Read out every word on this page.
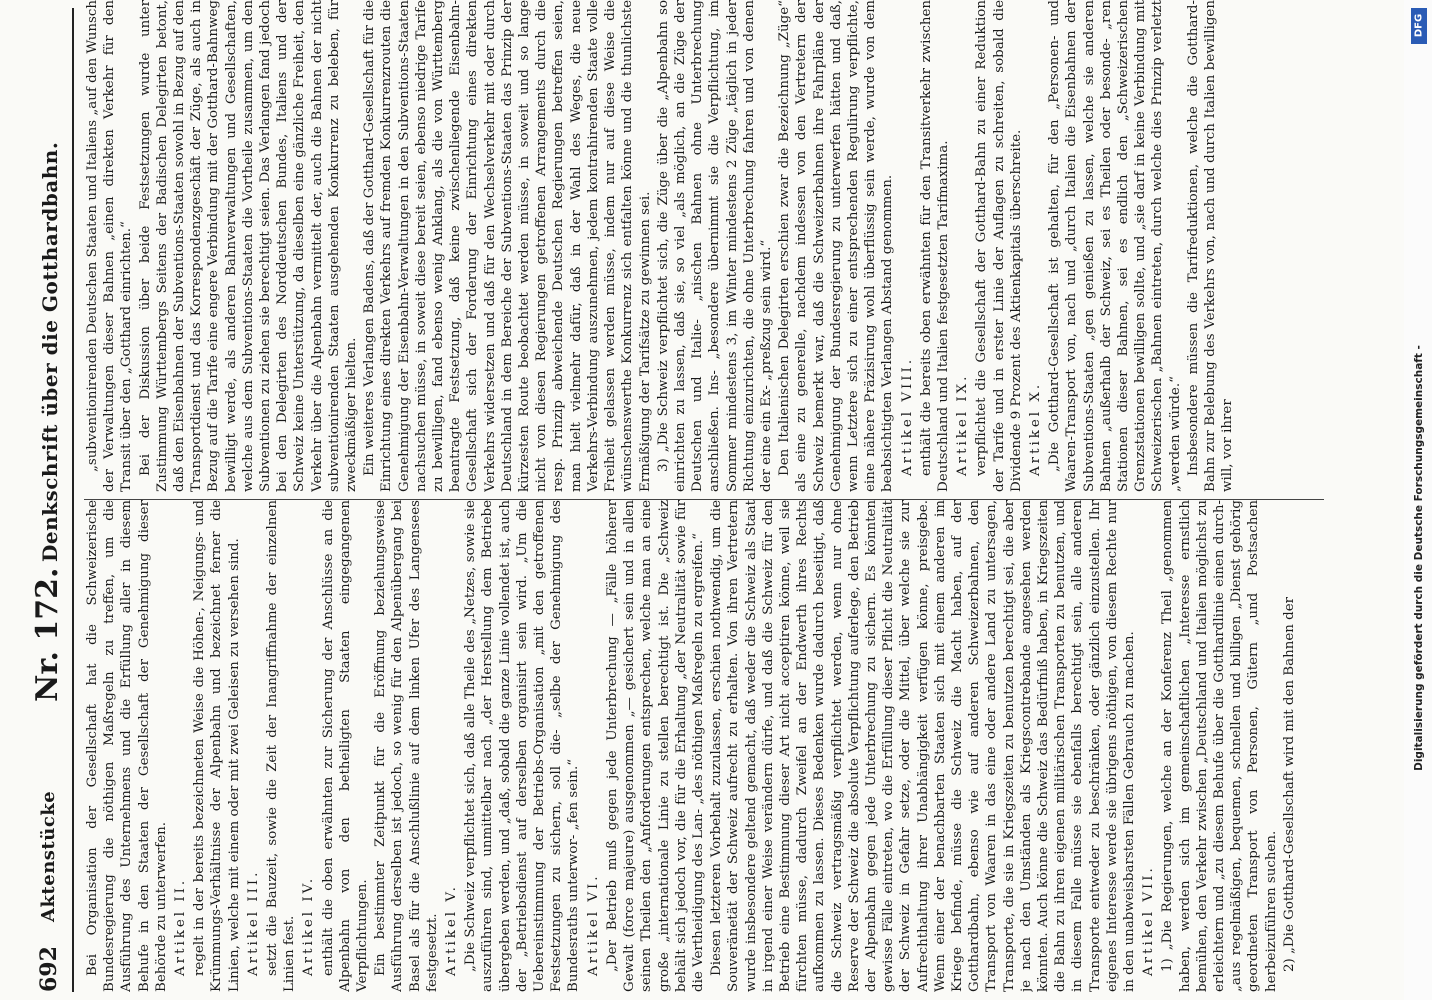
692
Aktenstücke
Nr. 172.
Denkschrift über die Gotthardbahn.

Bei Organisation der Gesellschaft hat die Schweizerische Bundesregierung die nöthigen Maßregeln zu treffen, um die Ausführung des Unternehmens und die Erfüllung aller in diesem Behufe in den Staaten der Gesellschaft der Genehmigung dieser Behörde zu unterwerfen. Artikel II. regelt in der bereits bezeichneten Weise die Höhen-, Neigungs- und Krümmungs-Verhältnisse der Alpenbahn und bezeichnet ferner die Linien, welche mit einem oder mit zwei Geleisen zu versehen sind. Artikel III. setzt die Bauzeit, sowie die Zeit der Inangriffnahme der einzelnen Linien fest. Artikel IV. enthält die oben erwähnten zur Sicherung der Anschlüsse an die Alpenbahn von den betheiligten Staaten eingegangenen Verpflichtungen. Ein bestimmter Zeitpunkt für die Eröffnung beziehungsweise Ausführung derselben ist jedoch, so wenig für den Alpenübergang bei Basel als für die Anschlußlinie auf dem linken Ufer des Langensees festgesetzt. Artikel V. „Die Schweiz verpflichtet sich, daß alle Theile des „Netzes, sowie sie auszuführen sind, unmittelbar nach „der Herstellung dem Betriebe übergeben werden, und „daß, sobald die ganze Linie vollendet ist, auch der „Betriebsdienst auf derselben organisirt sein wird. „Um die Uebereinstimmung der Betriebs-Organisation „mit den getroffenen Festsetzungen zu sichern, soll die- „selbe der Genehmigung des Bundesraths unterwor- „fen sein.“ Artikel VI. „Der Betrieb muß gegen jede Unterbrechung — „Fälle höherer Gewalt (force majeure) ausgenommen „— gesichert sein und in allen seinen Theilen den „Anforderungen entsprechen, welche man an eine große „internationale Linie zu stellen berechtigt ist. Die „Schweiz behält sich jedoch vor, die für die Erhaltung „der Neutralität sowie für die Vertheidigung des Lan- „des nöthigen Maßregeln zu ergreifen.“ Diesen letzteren Vorbehalt zuzulassen, erschien nothwendig, um die Souveränetät der Schweiz aufrecht zu erhalten. Von ihren Vertretern wurde insbesondere geltend gemacht, daß weder die Schweiz als Staat in irgend einer Weise verändern dürfe, und daß die Schweiz für den Betrieb eine Bestimmung dieser Art nicht acceptiren könne, weil sie fürchten müsse, dadurch Zweifel an der Endwerth ihres Rechts aufkommen zu lassen. Dieses Bedenken wurde dadurch beseitigt, daß die Schweiz vertragsmäßig verpflichtet werden, wenn nur ohne Reserve der Schweiz die absolute Verpflichtung auferlege, den Betrieb der Alpenbahn gegen jede Unterbrechung zu sichern. Es könnten gewisse Fälle eintreten, wo die Erfüllung dieser Pflicht die Neutralität der Schweiz in Gefahr setze, oder die Mittel, über welche sie zur Aufrechthaltung ihrer Unabhängigkeit verfügen könne, preisgebe. Wenn einer der benachbarten Staaten sich mit einem anderen im Kriege befinde, müsse die Schweiz die Macht haben, auf der Gotthardbahn, ebenso wie auf anderen Schweizerbahnen, den Transport von Waaren in das eine oder andere Land zu untersagen, Transporte, die sie in Kriegszeiten zu benutzen berechtigt sei, die aber je nach den Umständen als Kriegscontrebande angesehen werden könnten. Auch könne die Schweiz das Bedürfniß haben, in Kriegszeiten die Bahn zu ihren eigenen militärischen Transporten zu benutzen, und in diesem Falle müsse sie ebenfalls berechtigt sein, alle anderen Transporte entweder zu beschränken, oder gänzlich einzustellen. Ihr eigenes Interesse werde sie übrigens nöthigen, von diesem Rechte nur in den unabweisbarsten Fällen Gebrauch zu machen. Artikel VII. 1) „Die Regierungen, welche an der Konferenz Theil „genommen haben, werden sich im gemeinschaftlichen „Interesse ernstlich bemühen, den Verkehr zwischen „Deutschland und Italien möglichst zu erleichtern und „zu diesem Behufe über die Gotthardlinie einen durch- „aus regelmäßigen, bequemen, schnellen und billigen „Dienst gehörig geordneten Transport von Personen, Gütern „und Postsachen herbeizuführen suchen. 2) „Die Gotthard-Gesellschaft wird mit den Bahnen der

„subventionirenden Deutschen Staaten und Italiens „auf den Wunsch der Verwaltungen dieser Bahnen „einen direkten Verkehr für den Transit über den „Gotthard einrichten.“ Bei der Diskussion über beide Festsetzungen wurde unter Zustimmung Württembergs Seitens der Badischen Delegirten betont, daß den Eisenbahnen der Subventions-Staaten sowohl in Bezug auf den Transportdienst und das Korrespondenzgeschäft der Züge, als auch in Bezug auf die Tarife eine engere Verbindung mit der Gotthard-Bahnweg bewilligt werde, als anderen Bahnverwaltungen und Gesellschaften, welche aus dem Subventions-Staaten die Vortheile zusammen, um den Subventionen zu ziehen sie berechtigt seien. Das Verlangen fand jedoch bei den Delegirten des Norddeutschen Bundes, Italiens und der Schweiz keine Unterstützung, da dieselben eine gänzliche Freiheit, den Verkehr über die Alpenbahn vermittelt der, auch die Bahnen der nicht subventionirenden Staaten ausgehenden Konkurrenz zu beleben, für zweckmäßiger hielten. Ein weiteres Verlangen Badens, daß der Gotthard-Gesellschaft für die Einrichtung eines direkten Verkehrs auf fremden Konkurrenzrouten die Genehmigung der Eisenbahn-Verwaltungen in den Subventions-Staaten nachsuchen müsse, in soweit diese bereit seien, ebenso niedrige Tarife zu bewilligen, fand ebenso wenig Anklang, als die von Württemberg beantragte Festsetzung, daß keine zwischenliegende Eisenbahn-Gesellschaft sich der Forderung der Einrichtung eines direkten Verkehrs widersetzen und daß für den Wechselverkehr mit oder durch Deutschland in dem Bereiche der Subventions-Staaten das Prinzip der kürzesten Route beobachtet werden müsse, in soweit und so lange nicht von diesen Regierungen getroffenen Arrangements durch die resp. Prinzip abweichende Deutschen Regierungen betreffen seien, man hielt vielmehr dafür, daß in der Wahl des Weges, die neue Verkehrs-Verbindung auszunehmen, jedem kontrahirenden Staate volle Freiheit gelassen werden müsse, indem nur auf diese Weise die wünschenswerthe Konkurrenz sich entfalten könne und die thunlichste Ermäßigung der Tarifsätze zu gewinnen sei. 3) „Die Schweiz verpflichtet sich, die Züge über die „Alpenbahn so einrichten zu lassen, daß sie, so viel „als möglich, an die Züge der Deutschen und Italie- „nischen Bahnen ohne Unterbrechung anschließen. Ins- „besondere übernimmt sie die Verpflichtung, im Sommer mindestens 3, im Winter mindestens 2 Züge „täglich in jeder Richtung einzurichten, die ohne Unterbrechung fahren und von denen der eine ein Ex- „preßzug sein wird.“ Den Italienischen Delegirten erschien zwar die Bezeichnung „Züge“ als eine zu generelle, nachdem indessen von den Vertretern der Schweiz bemerkt war, daß die Schweizerbahnen ihre Fahrpläne der Genehmigung der Bundesregierung zu unterwerfen hätten und daß, wenn Letztere sich zu einer entsprechenden Regulirung verpflichte, eine nähere Präzisirung wohl überflüssig sein werde, wurde von dem beabsichtigten Verlangen Abstand genommen. Artikel VIII. enthält die bereits oben erwähnten für den Transitverkehr zwischen Deutschland und Italien festgesetzten Tarifmaxima. Artikel IX. verpflichtet die Gesellschaft der Gotthard-Bahn zu einer Reduktion der Tarife und in erster Linie der Auflagen zu schreiten, sobald die Dividende 9 Prozent des Aktienkapitals überschreite. Artikel X. „Die Gotthard-Gesellschaft ist gehalten, für den „Personen- und Waaren-Transport von, nach und „durch Italien die Eisenbahnen der Subventions-Staaten „gen genießen zu lassen, welche sie anderen Bahnen „außerhalb der Schweiz, sei es Theilen oder besonde- „ren Stationen dieser Bahnen, sei es endlich den „Schweizerischen Grenzstationen bewilligen sollte, und „sie darf in keine Verbindung mit Schweizerischen „Bahnen eintreten, durch welche dies Prinzip verletzt „werden würde.“ Insbesondere müssen die Tarifreduktionen, welche die Gotthard-Bahn zur Belebung des Verkehrs von, nach und durch Italien bewilligen will, vor ihrer

DFG
Digitalisierung gefördert durch die Deutsche Forschungsgemeinschaft -
